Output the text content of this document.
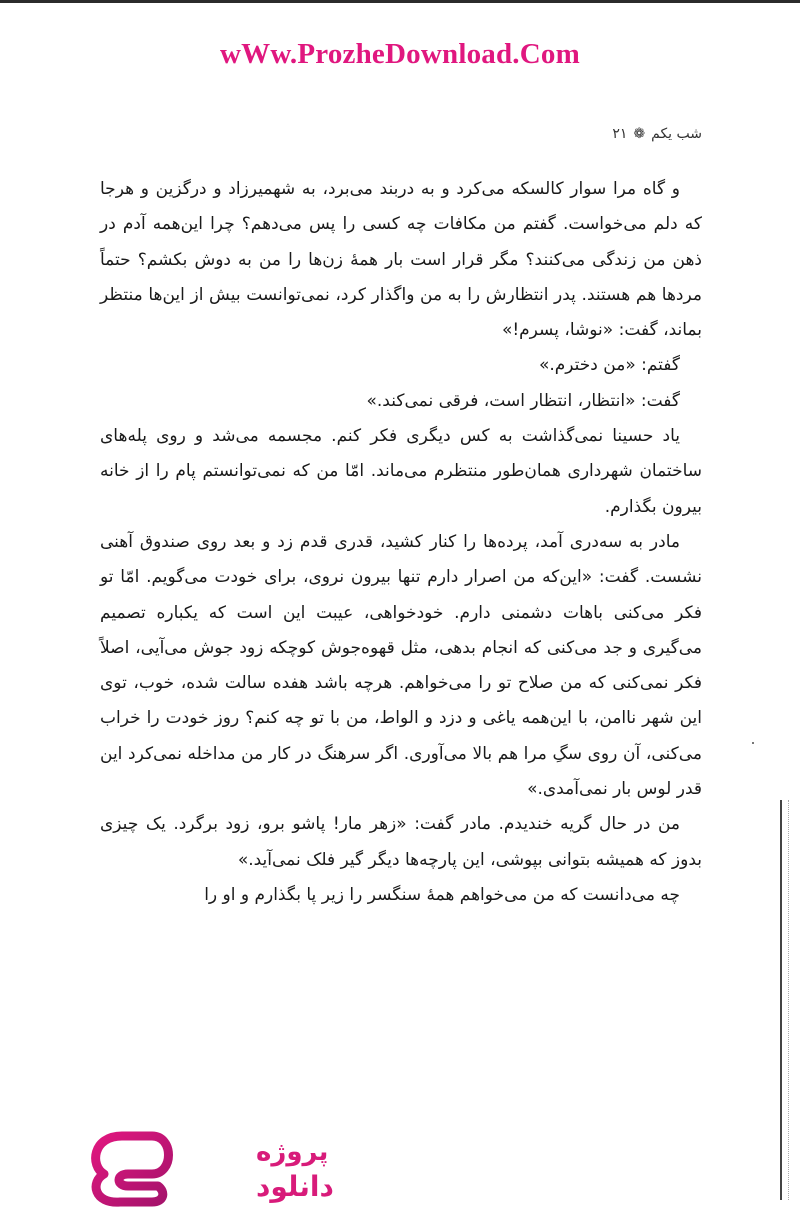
wWw.ProzheDownload.Com
شب یکم
❁
۲۱

و گاه مرا سوار کالسکه می‌کرد و به دربند می‌برد، به شهمیرزاد و درگزین و هرجا که دلم می‌خواست. گفتم من مکافات چه کسی را پس می‌دهم؟ چرا این‌همه آدم در ذهن من زندگی می‌کنند؟ مگر قرار است بار همهٔ زن‌ها را من به دوش بکشم؟ حتماً مردها هم هستند. پدر انتظارش را به من واگذار کرد، نمی‌توانست بیش از این‌ها منتظر بماند، گفت: «نوشا، پسرم!»

گفتم: «من دخترم.»

گفت: «انتظار، انتظار است، فرقی نمی‌کند.»

یاد حسینا نمی‌گذاشت به کس دیگری فکر کنم. مجسمه می‌شد و روی پله‌های ساختمان شهرداری همان‌طور منتظرم می‌ماند. امّا من که نمی‌توانستم پام را از خانه بیرون بگذارم.

مادر به سه‌دری آمد، پرده‌ها را کنار کشید، قدری قدم زد و بعد روی صندوق آهنی نشست. گفت: «این‌که من اصرار دارم تنها بیرون نروی، برای خودت می‌گویم. امّا تو فکر می‌کنی باهات دشمنی دارم. خودخواهی، عیبت این است که یکباره تصمیم می‌گیری و جد می‌کنی که انجام بدهی، مثل قهوه‌جوش کوچکه زود جوش می‌آیی، اصلاً فکر نمی‌کنی که من صلاح تو را می‌خواهم. هرچه باشد هفده سالت شده، خوب، توی این شهر ناامن، با این‌همه یاغی و دزد و الواط، من با تو چه کنم؟ روز خودت را خراب می‌کنی، آن روی سگِ مرا هم بالا می‌آوری. اگر سرهنگ در کار من مداخله نمی‌کرد این قدر لوس بار نمی‌آمدی.»

من در حال گریه خندیدم. مادر گفت: «زهر مار! پاشو برو، زود برگرد. یک چیزی بدوز که همیشه بتوانی بپوشی، این پارچه‌ها دیگر گیر فلک نمی‌آید.»

چه می‌دانست که من می‌خواهم همهٔ سنگسر را زیر پا بگذارم و او را

پروژه
دانلود
